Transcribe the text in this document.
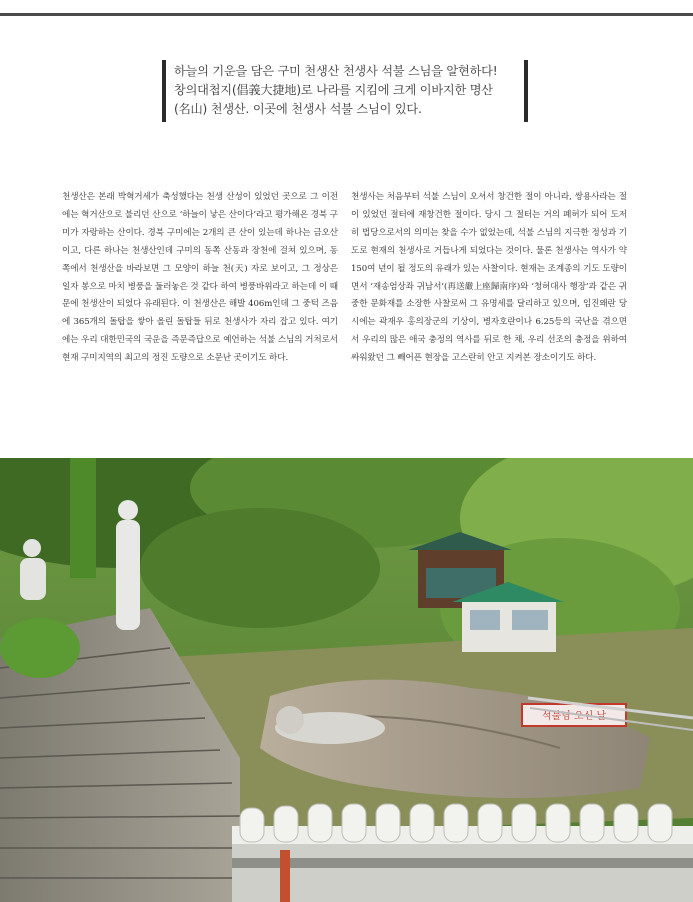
하늘의 기운을 담은 구미 천생산 천생사 석불 스님을 알현하다!
창의대첩지(倡義大捷地)로 나라를 지킴에 크게 이바지한 명산
(名山) 천생산. 이곳에 천생사 석불 스님이 있다.
천생산은 본래 박혁거세가 축성했다는 천생 산성이 있었던 곳으로 그 이전에는 혁거산으로 불리던 산으로 ‘하늘이 낳은 산이다’라고 평가해온 경북 구미가 자랑하는 산이다. 경북 구미에는 2개의 큰 산이 있는데 하나는 금오산이고, 다른 하나는 천생산인데 구미의 동쪽 산동과 장천에 걸쳐 있으며, 동쪽에서 천생산을 바라보면 그 모양이 하늘 천(天) 자로 보이고, 그 정상은 일자 봉으로 마치 병풍을 둘러놓은 것 같다 하여 병풍바위라고 하는데 이 때문에 천생산이 되었다 유래된다. 이 천생산은 해발 406m인데 그 중턱 즈음에 365개의 돌탑을 쌓아 올린 돌탑들 뒤로 천생사가 자리 잡고 있다. 여기에는 우리 대한민국의 국운을 즉문즉답으로 예언하는 석불 스님의 거처로서 현재 구미지역의 최고의 정진 도량으로 소문난 곳이기도 하다.
천생사는 처음부터 석불 스님이 오셔서 창건한 절이 아니라, 쌍용사라는 절이 있었던 절터에 재창건한 절이다. 당시 그 절터는 거의 폐허가 되어 도저히 법당으로서의 의미는 찾을 수가 없었는데, 석불 스님의 지극한 정성과 기도로 현재의 천생사로 거듭나게 되었다는 것이다. 물론 천생사는 역사가 약 150여 년이 될 정도의 유래가 있는 사찰이다. 현재는 조계종의 기도 도량이면서 ‘재송엄상좌 귀남서’(再送嚴上座歸南序)와 ‘청허대사 행장’과 같은 귀중한 문화재를 소장한 사찰로써 그 유명세를 달리하고 있으며, 임진왜란 당시에는 곽재우 홍의장군의 기상이, 병자호란이나 6.25등의 국난을 겪으면서 우리의 많은 애국 충정의 역사를 뒤로 한 채, 우리 선조의 충정을 위하여 싸워왔던 그 빼어픈 현장을 고스란히 안고 지켜본 장소이기도 하다.
석불님 오신 날
